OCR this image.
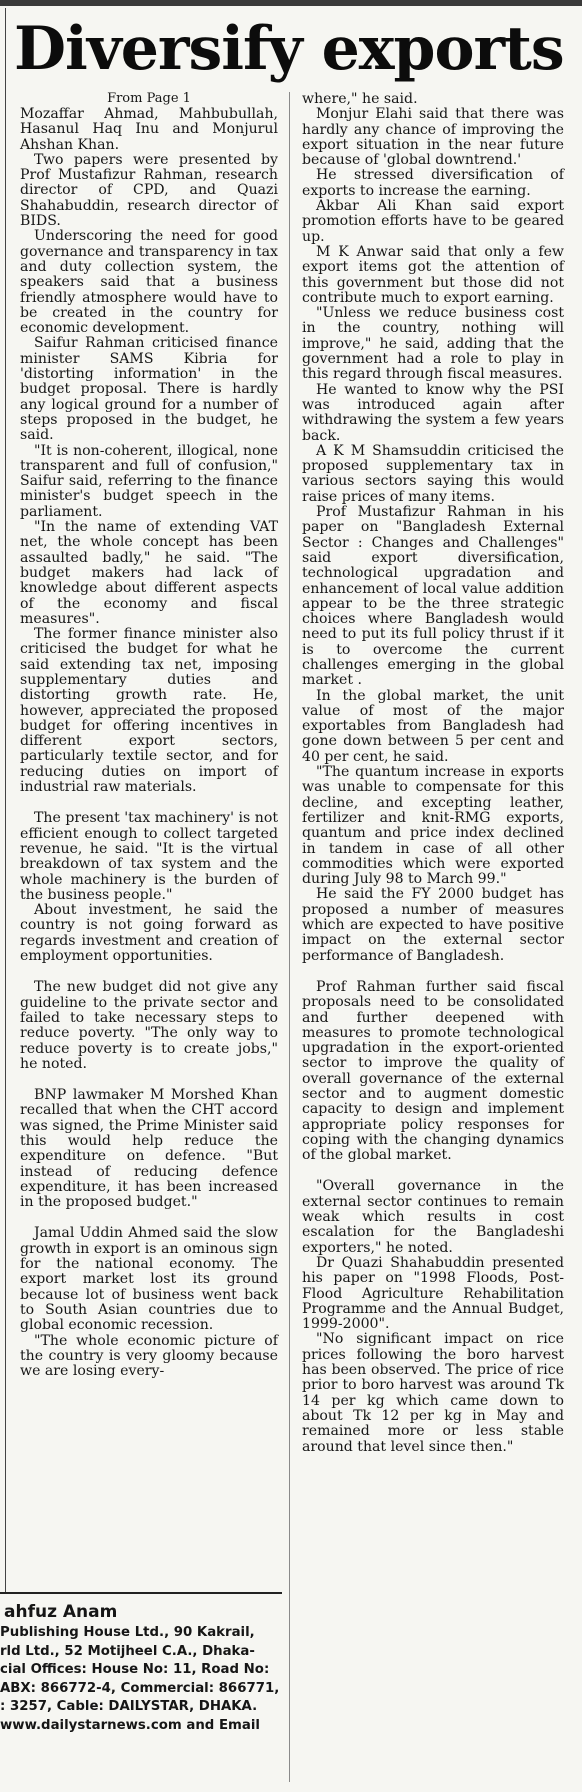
Diversify exports
From Page 1

Mozaffar Ahmad, Mahbubullah, Hasanul Haq Inu and Monjurul Ahshan Khan.

Two papers were presented by Prof Mustafizur Rahman, research director of CPD, and Quazi Shahabuddin, research director of BIDS.

Underscoring the need for good governance and transparency in tax and duty collection system, the speakers said that a business friendly atmosphere would have to be created in the country for economic development.

Saifur Rahman criticised finance minister SAMS Kibria for 'distorting information' in the budget proposal. There is hardly any logical ground for a number of steps proposed in the budget, he said.

"It is non-coherent, illogical, none transparent and full of confusion," Saifur said, referring to the finance minister's budget speech in the parliament.

"In the name of extending VAT net, the whole concept has been assaulted badly," he said. "The budget makers had lack of knowledge about different aspects of the economy and fiscal measures".

The former finance minister also criticised the budget for what he said extending tax net, imposing supplementary duties and distorting growth rate. He, however, appreciated the proposed budget for offering incentives in different export sectors, particularly textile sector, and for reducing duties on import of industrial raw materials.

The present 'tax machinery' is not efficient enough to collect targeted revenue, he said. "It is the virtual breakdown of tax system and the whole machinery is the burden of the business people."

About investment, he said the country is not going forward as regards investment and creation of employment opportunities.

The new budget did not give any guideline to the private sector and failed to take necessary steps to reduce poverty. "The only way to reduce poverty is to create jobs," he noted.

BNP lawmaker M Morshed Khan recalled that when the CHT accord was signed, the Prime Minister said this would help reduce the expenditure on defence. "But instead of reducing defence expenditure, it has been increased in the proposed budget."

Jamal Uddin Ahmed said the slow growth in export is an ominous sign for the national economy. The export market lost its ground because lot of business went back to South Asian countries due to global economic recession.

"The whole economic picture of the country is very gloomy because we are losing every-

where," he said.

Monjur Elahi said that there was hardly any chance of improving the export situation in the near future because of 'global downtrend.'

He stressed diversification of exports to increase the earning.

Akbar Ali Khan said export promotion efforts have to be geared up.

M K Anwar said that only a few export items got the attention of this government but those did not contribute much to export earning.

"Unless we reduce business cost in the country, nothing will improve," he said, adding that the government had a role to play in this regard through fiscal measures.

He wanted to know why the PSI was introduced again after withdrawing the system a few years back.

A K M Shamsuddin criticised the proposed supplementary tax in various sectors saying this would raise prices of many items.

Prof Mustafizur Rahman in his paper on "Bangladesh External Sector : Changes and Challenges" said export diversification, technological upgradation and enhancement of local value addition appear to be the three strategic choices where Bangladesh would need to put its full policy thrust if it is to overcome the current challenges emerging in the global market .

In the global market, the unit value of most of the major exportables from Bangladesh had gone down between 5 per cent and 40 per cent, he said.

"The quantum increase in exports was unable to compensate for this decline, and excepting leather, fertilizer and knit-RMG exports, quantum and price index declined in tandem in case of all other commodities which were exported during July 98 to March 99."

He said the FY 2000 budget has proposed a number of measures which are expected to have positive impact on the external sector performance of Bangladesh.

Prof Rahman further said fiscal proposals need to be consolidated and further deepened with measures to promote technological upgradation in the export-oriented sector to improve the quality of overall governance of the external sector and to augment domestic capacity to design and implement appropriate policy responses for coping with the changing dynamics of the global market.

"Overall governance in the external sector continues to remain weak which results in cost escalation for the Bangladeshi exporters," he noted.

Dr Quazi Shahabuddin presented his paper on "1998 Floods, Post-Flood Agriculture Rehabilitation Programme and the Annual Budget, 1999-2000".

"No significant impact on rice prices following the boro harvest has been observed. The price of rice prior to boro harvest was around Tk 14 per kg which came down to about Tk 12 per kg in May and remained more or less stable around that level since then."

ahfuz Anam
Publishing House Ltd., 90 Kakrail,
rld Ltd., 52 Motijheel C.A., Dhaka-
cial Offices: House No: 11, Road No:
ABX: 866772-4, Commercial: 866771,
: 3257, Cable: DAILYSTAR, DHAKA.
www.dailystarnews.com and Email
